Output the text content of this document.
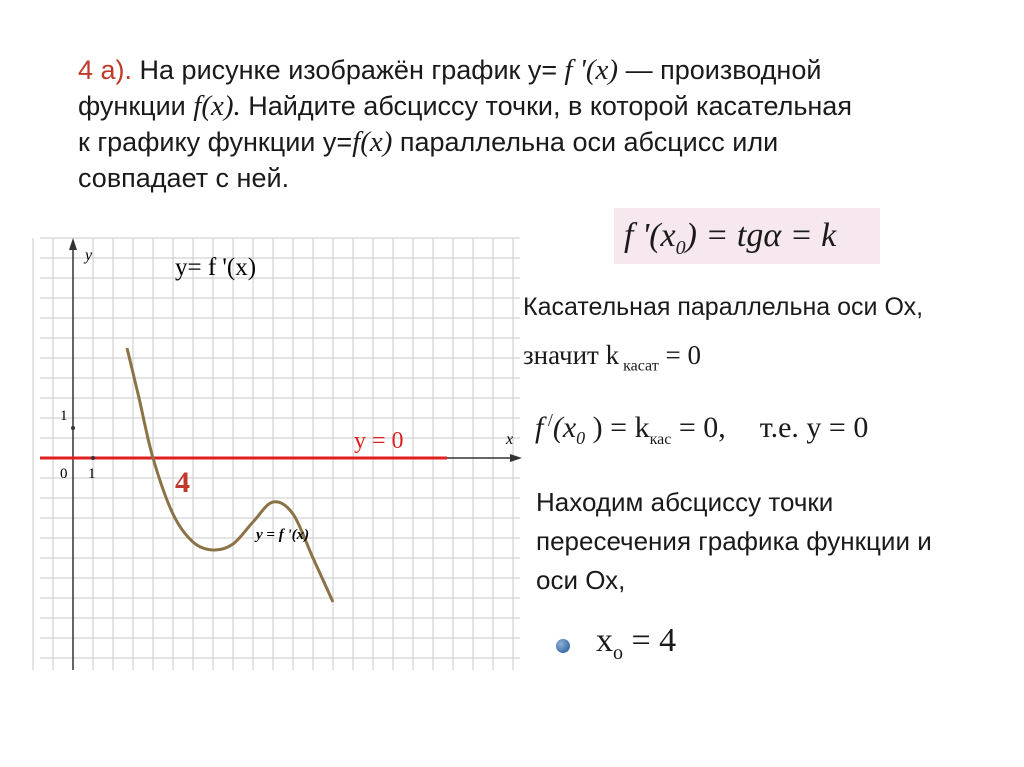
4 а). На рисунке изображён график y= f '(x) — производной
функции f(x). Найдите абсциссу точки, в которой касательная
к графику функции y=f(x) параллельна оси абсцисс или
совпадает с ней.
f '$(x_0) = tg\alpha = k$
0 1
1
y
x
y= f '(x)
y = 0
4
y = f '(x)
Касательная параллельна оси Ох,
значит k $_{касат}$ = 0
f $^/(x_0$ ) = $k_{кас} = 0$, т.е. y = 0
Находим абсциссу точки
пересечения графика функции и
оси Ох,
$x_o = 4$
